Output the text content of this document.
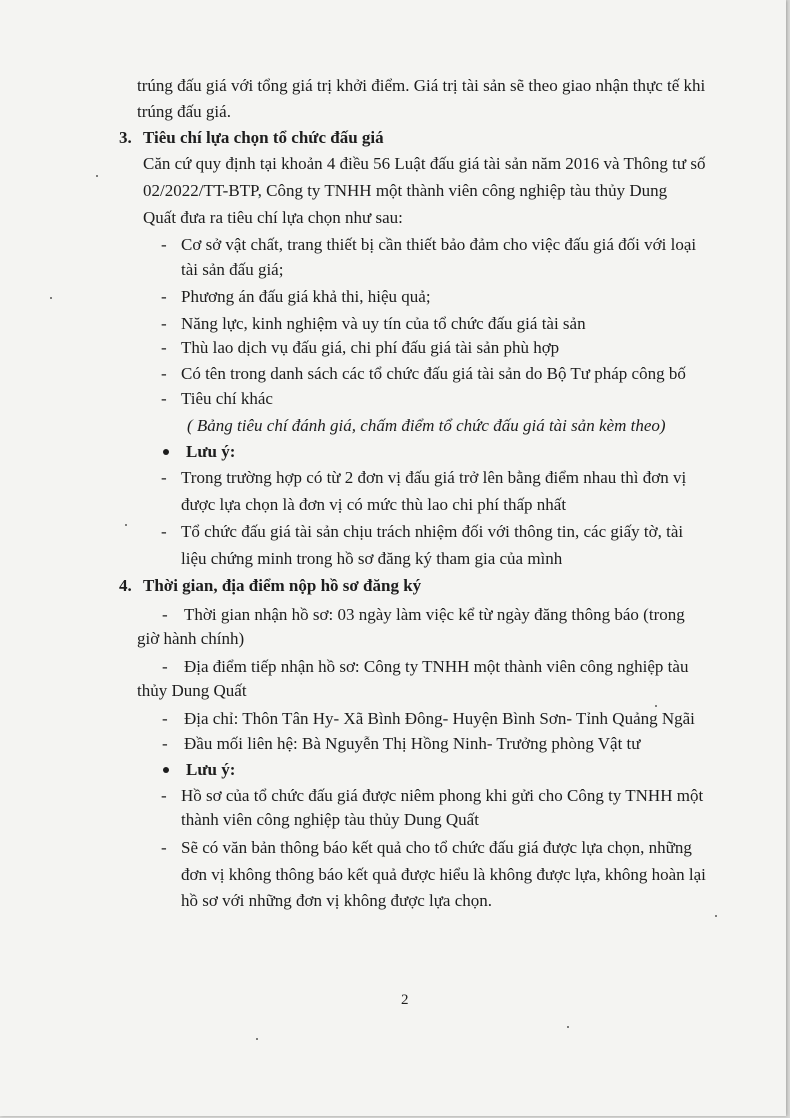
trúng đấu giá với tổng giá trị khởi điểm. Giá trị tài sản sẽ theo giao nhận thực tế khi
trúng đấu giá.
3. Tiêu chí lựa chọn tổ chức đấu giá
Căn cứ quy định tại khoản 4 điều 56 Luật đấu giá tài sản năm 2016 và Thông tư số
02/2022/TT-BTP, Công ty TNHH một thành viên công nghiệp tàu thủy Dung
Quất đưa ra tiêu chí lựa chọn như sau:
- Cơ sở vật chất, trang thiết bị cần thiết bảo đảm cho việc đấu giá đối với loại
tài sản đấu giá;
- Phương án đấu giá khả thi, hiệu quả;
- Năng lực, kinh nghiệm và uy tín của tổ chức đấu giá tài sản
- Thù lao dịch vụ đấu giá, chi phí đấu giá tài sản phù hợp
- Có tên trong danh sách các tổ chức đấu giá tài sản do Bộ Tư pháp công bố
- Tiêu chí khác
( Bảng tiêu chí đánh giá, chấm điểm tổ chức đấu giá tài sản kèm theo)
Lưu ý:
- Trong trường hợp có từ 2 đơn vị đấu giá trở lên bằng điểm nhau thì đơn vị
được lựa chọn là đơn vị có mức thù lao chi phí thấp nhất
- Tổ chức đấu giá tài sản chịu trách nhiệm đối với thông tin, các giấy tờ, tài
liệu chứng minh trong hồ sơ đăng ký tham gia của mình
4. Thời gian, địa điểm nộp hồ sơ đăng ký
- Thời gian nhận hồ sơ: 03 ngày làm việc kể từ ngày đăng thông báo (trong
giờ hành chính)
- Địa điểm tiếp nhận hồ sơ: Công ty TNHH một thành viên công nghiệp tàu
thủy Dung Quất
- Địa chỉ: Thôn Tân Hy- Xã Bình Đông- Huyện Bình Sơn- Tỉnh Quảng Ngãi
- Đầu mối liên hệ: Bà Nguyễn Thị Hồng Ninh- Trưởng phòng Vật tư
Lưu ý:
- Hồ sơ của tổ chức đấu giá được niêm phong khi gửi cho Công ty TNHH một
thành viên công nghiệp tàu thủy Dung Quất
- Sẽ có văn bản thông báo kết quả cho tổ chức đấu giá được lựa chọn, những
đơn vị không thông báo kết quả được hiểu là không được lựa, không hoàn lại
hồ sơ với những đơn vị không được lựa chọn.
2
